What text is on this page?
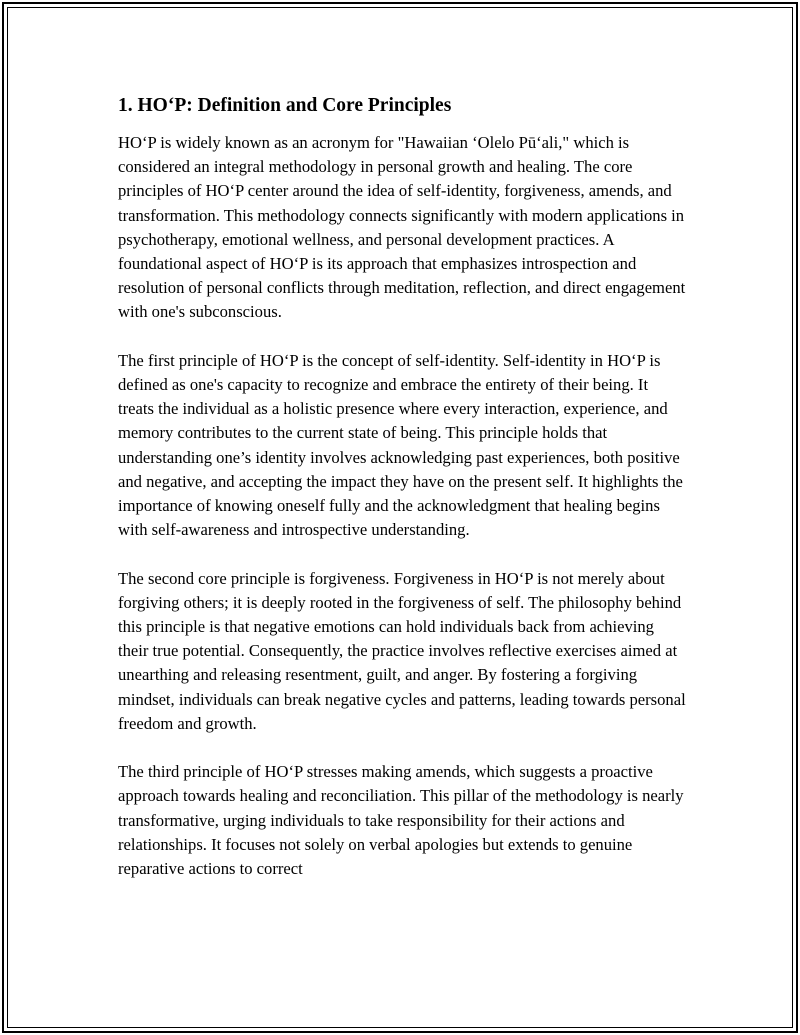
1. HOʻP: Definition and Core Principles

HOʻP is widely known as an acronym for "Hawaiian ʻOlelo Pūʻali," which is considered an integral methodology in personal growth and healing. The core principles of HOʻP center around the idea of self-identity, forgiveness, amends, and transformation. This methodology connects significantly with modern applications in psychotherapy, emotional wellness, and personal development practices. A foundational aspect of HOʻP is its approach that emphasizes introspection and resolution of personal conflicts through meditation, reflection, and direct engagement with one's subconscious.

The first principle of HOʻP is the concept of self-identity. Self-identity in HOʻP is defined as one's capacity to recognize and embrace the entirety of their being. It treats the individual as a holistic presence where every interaction, experience, and memory contributes to the current state of being. This principle holds that understanding one’s identity involves acknowledging past experiences, both positive and negative, and accepting the impact they have on the present self. It highlights the importance of knowing oneself fully and the acknowledgment that healing begins with self-awareness and introspective understanding.

The second core principle is forgiveness. Forgiveness in HOʻP is not merely about forgiving others; it is deeply rooted in the forgiveness of self. The philosophy behind this principle is that negative emotions can hold individuals back from achieving their true potential. Consequently, the practice involves reflective exercises aimed at unearthing and releasing resentment, guilt, and anger. By fostering a forgiving mindset, individuals can break negative cycles and patterns, leading towards personal freedom and growth.

The third principle of HOʻP stresses making amends, which suggests a proactive approach towards healing and reconciliation. This pillar of the methodology is nearly transformative, urging individuals to take responsibility for their actions and relationships. It focuses not solely on verbal apologies but extends to genuine reparative actions to correct
